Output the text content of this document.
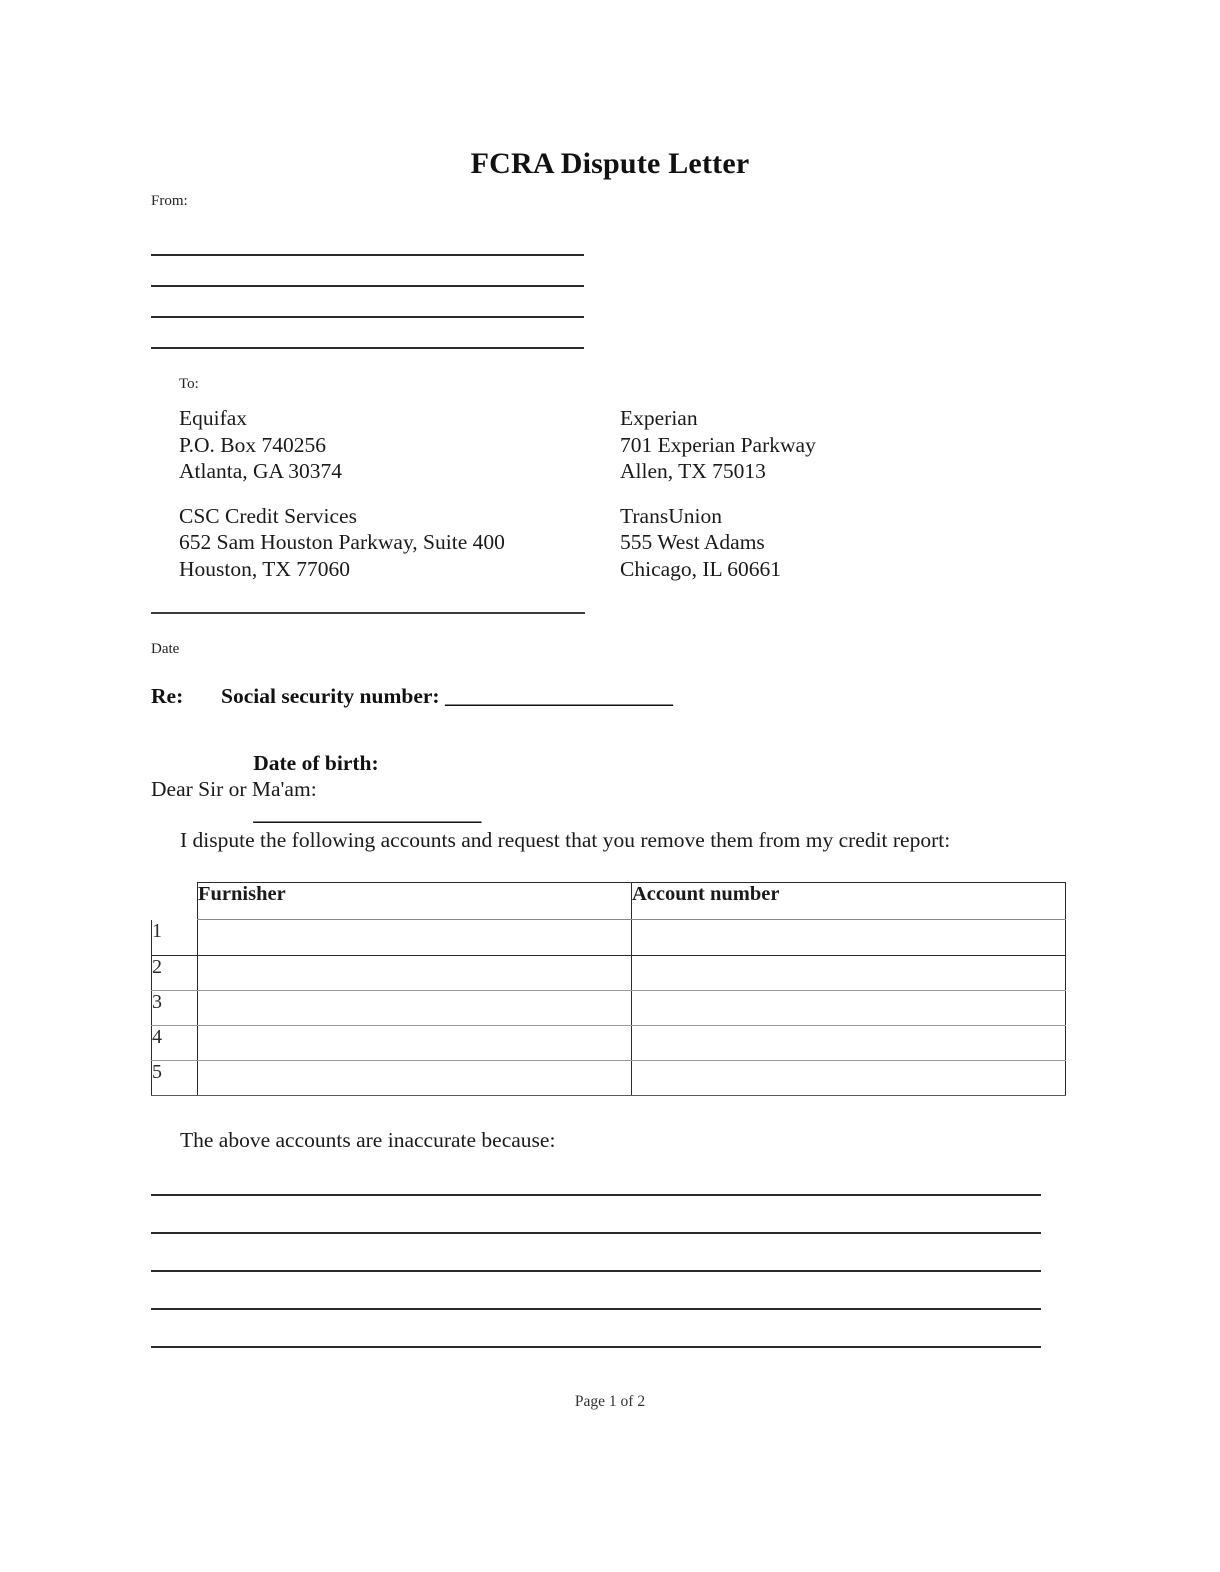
FCRA Dispute Letter
From:
To:
Equifax
P.O. Box 740256
Atlanta, GA 30374
Experian
701 Experian Parkway
Allen, TX 75013
CSC Credit Services
652 Sam Houston Parkway, Suite 400
Houston, TX 77060
TransUnion
555 West Adams
Chicago, IL 60661
Date
Re:	Social security number:
______________________

Date of birth:

______________________

Dear Sir or Ma'am:
I dispute the following accounts and request that you remove them from my credit report:
	Furnisher	Account number
1		
2		
3		
4		
5		
The above accounts are inaccurate because:
Page 1 of 2
